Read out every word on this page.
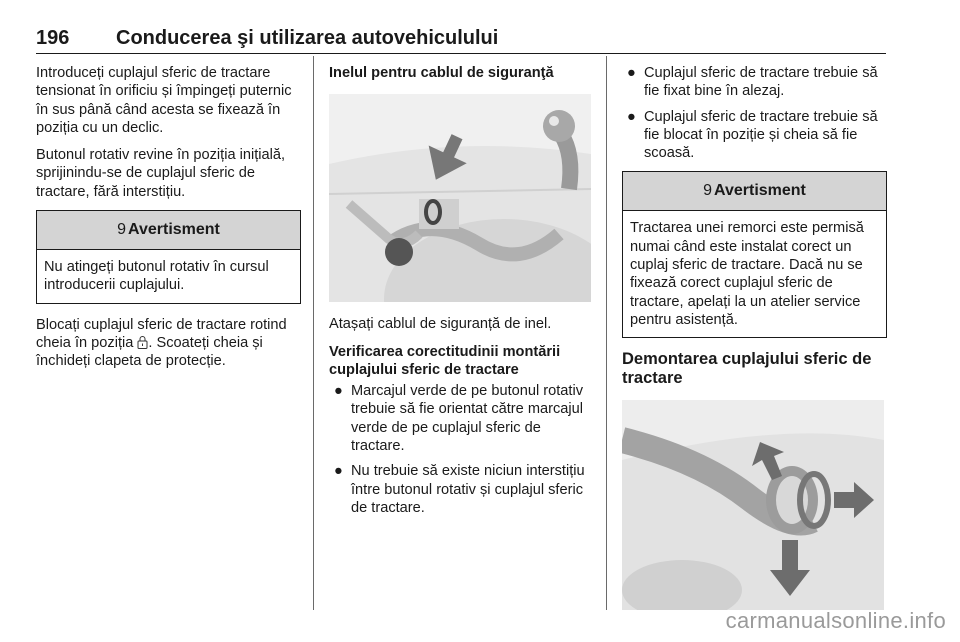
196 Conducerea şi utilizarea autovehiculului

Introduceți cuplajul sferic de tractare tensionat în orificiu și împingeți puternic în sus până când acesta se fixează în poziția cu un declic.

Butonul rotativ revine în poziția inițială, sprijinindu-se de cuplajul sferic de tractare, fără interstițiu.

9 Avertisment
Nu atingeți butonul rotativ în cursul introducerii cuplajului.

Blocați cuplajul sferic de tractare rotind cheia în poziția . Scoateți cheia și închideți clapeta de protecție.

Inelul pentru cablul de siguranţă

Atașați cablul de siguranță de inel.

Verificarea corectitudinii montării cuplajului sferic de tractare
● Marcajul verde de pe butonul rotativ trebuie să fie orientat către marcajul verde de pe cuplajul sferic de tractare.
● Nu trebuie să existe niciun interstițiu între butonul rotativ și cuplajul sferic de tractare.
● Cuplajul sferic de tractare trebuie să fie fixat bine în alezaj.
● Cuplajul sferic de tractare trebuie să fie blocat în poziție și cheia să fie scoasă.
9 Avertisment
Tractarea unei remorci este permisă numai când este instalat corect un cuplaj sferic de tractare. Dacă nu se fixează corect cuplajul sferic de tractare, apelați la un atelier service pentru asistență.
Demontarea cuplajului sferic de tractare
carmanualsonline.info
